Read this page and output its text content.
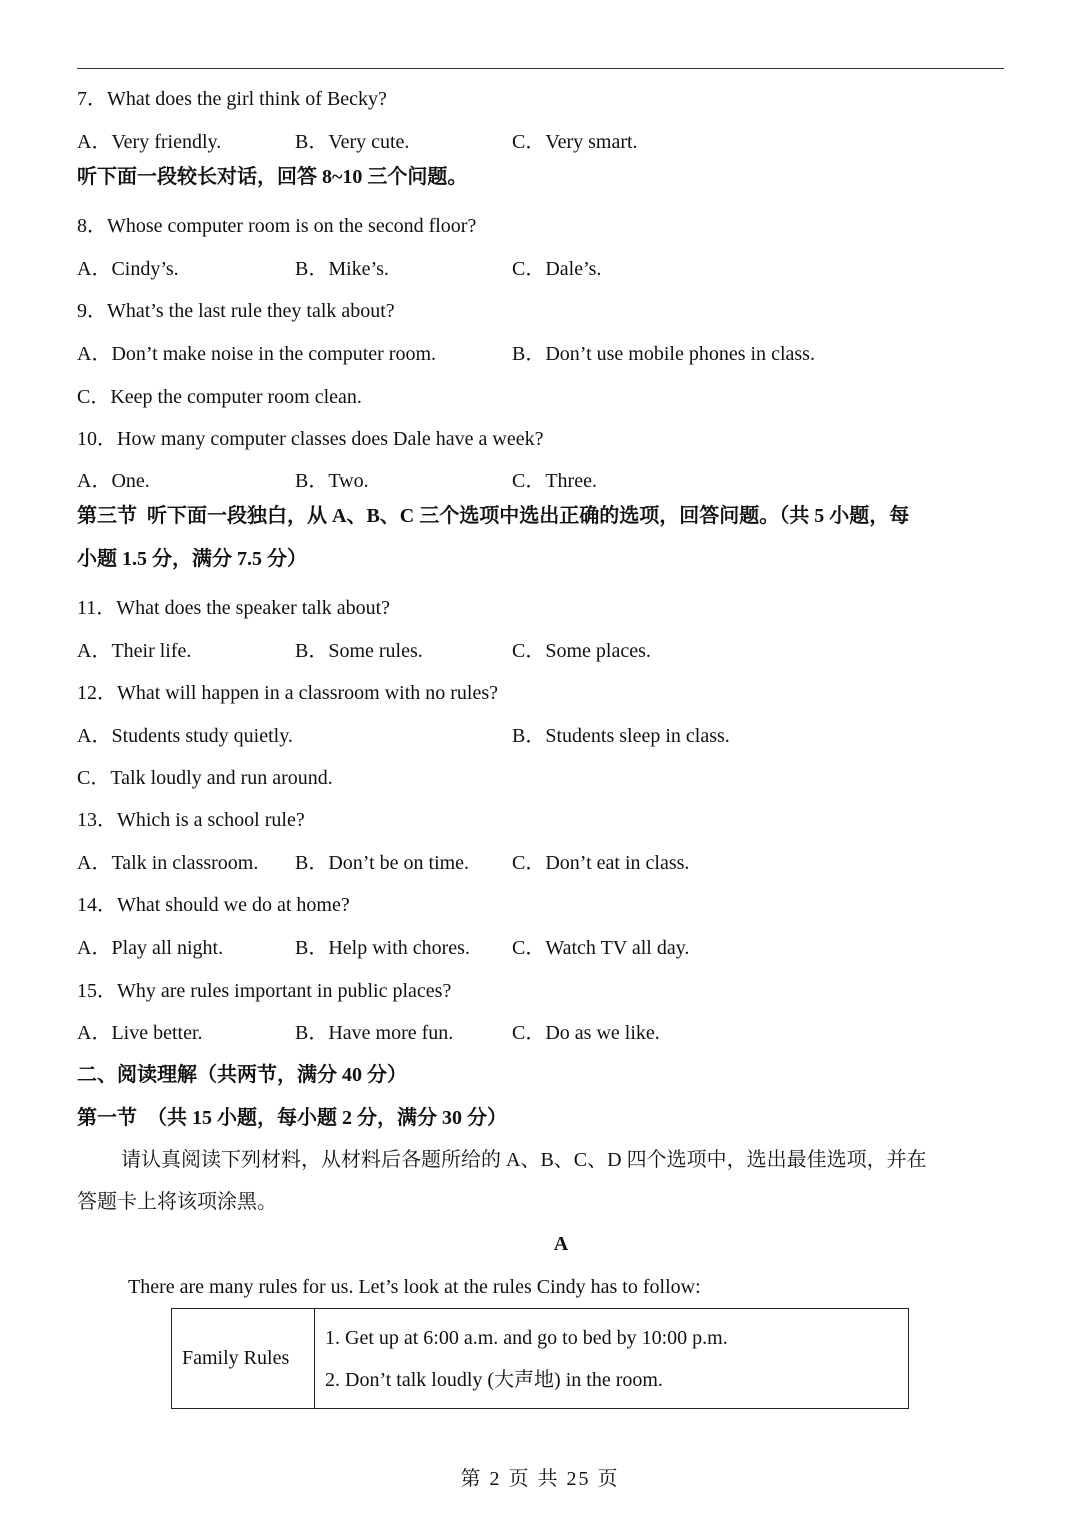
7．What does the girl think of Becky?
A．Very friendly.	B．Very cute.	C．Very smart.
听下面一段较长对话，回答 8~10 三个问题。
8．Whose computer room is on the second floor?
A．Cindy’s.	B．Mike’s.	C．Dale’s.
9．What’s the last rule they talk about?
A．Don’t make noise in the computer room.	B．Don’t use mobile phones in class.
C．Keep the computer room clean.
10．How many computer classes does Dale have a week?
A．One.	B．Two.	C．Three.
第三节  听下面一段独白，从 A、B、C 三个选项中选出正确的选项，回答问题。（共 5 小题，每
小题 1.5 分，满分 7.5 分）
11．What does the speaker talk about?
A．Their life.	B．Some rules.	C．Some places.
12．What will happen in a classroom with no rules?
A．Students study quietly.	B．Students sleep in class.
C．Talk loudly and run around.
13．Which is a school rule?
A．Talk in classroom. B．Don’t be on time. C．Don’t eat in class.
14．What should we do at home?
A．Play all night.	B．Help with chores. C．Watch TV all day.
15．Why are rules important in public places?
A．Live better.	B．Have more fun.	C．Do as we like.
二、阅读理解（共两节，满分 40 分）
第一节  （共 15 小题，每小题 2 分，满分 30 分）
请认真阅读下列材料，从材料后各题所给的 A、B、C、D 四个选项中，选出最佳选项，并在
答题卡上将该项涂黑。
A
There are many rules for us. Let’s look at the rules Cindy has to follow:
Family Rules	
1. Get up at 6:00 a.m. and go to bed by 10:00 p.m.
2. Don’t talk loudly (大声地) in the room.
第 2 页 共 25 页
